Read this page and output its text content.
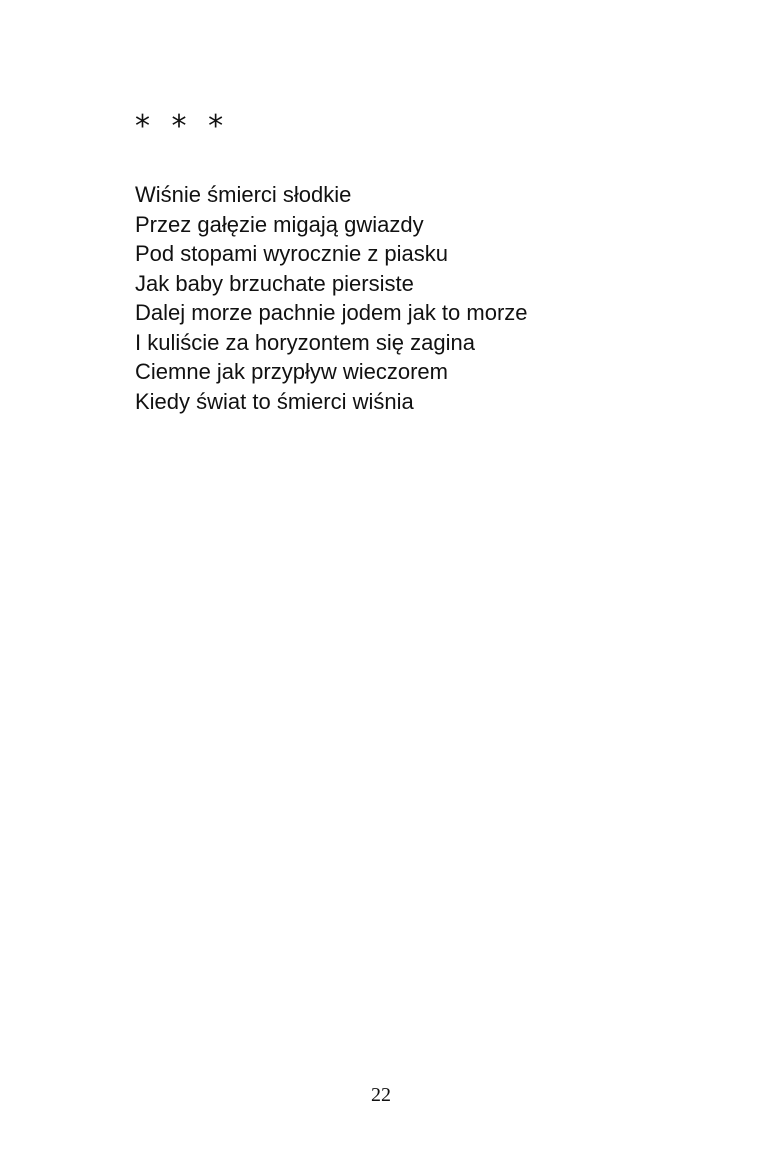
* * *
Wiśnie śmierci słodkie
Przez gałęzie migają gwiazdy
Pod stopami wyrocznie z piasku
Jak baby brzuchate piersiste
Dalej morze pachnie jodem jak to morze
I kuliście za horyzontem się zagina
Ciemne jak przypływ wieczorem
Kiedy świat to śmierci wiśnia
22
